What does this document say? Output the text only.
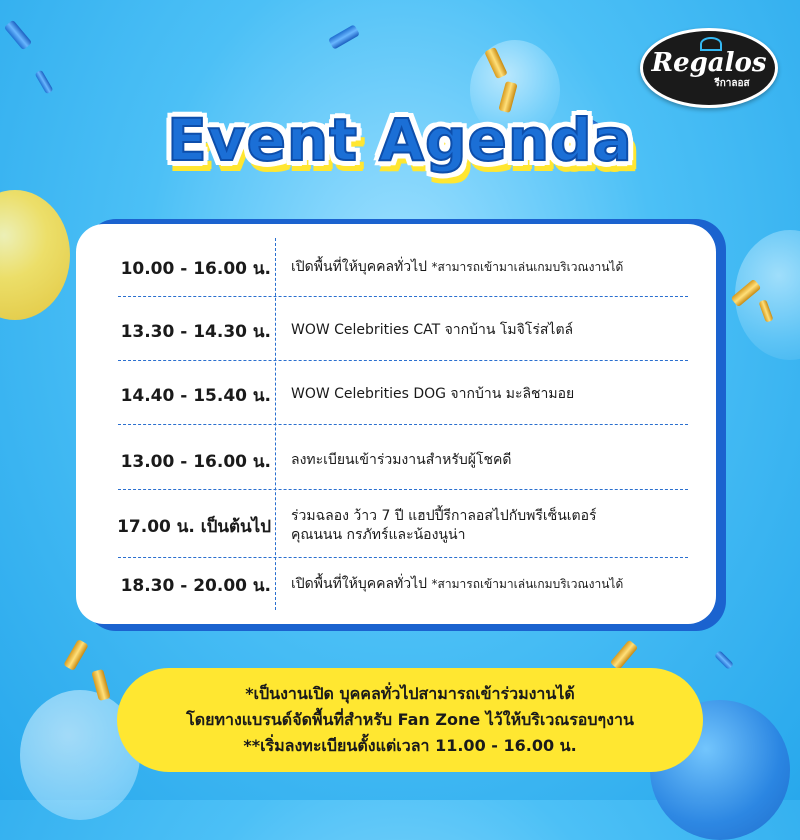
Regalos
รีกาลอส
Event Agenda
10.00 - 16.00 น. เปิดพื้นที่ให้บุคคลทั่วไป *สามารถเข้ามาเล่นเกมบริเวณงานได้
13.30 - 14.30 น. WOW Celebrities CAT จากบ้าน โมจิโร่สไตล์
14.40 - 15.40 น. WOW Celebrities DOG จากบ้าน มะลิชามอย
13.00 - 16.00 น. ลงทะเบียนเข้าร่วมงานสำหรับผู้โชคดี
17.00 น. เป็นต้นไป
ร่วมฉลอง ว้าว 7 ปี แฮปปี้รีกาลอสไปกับพรีเซ็นเตอร์
คุณนนน กรภัทร์และน้องนูน่า
18.30 - 20.00 น. เปิดพื้นที่ให้บุคคลทั่วไป *สามารถเข้ามาเล่นเกมบริเวณงานได้
*เป็นงานเปิด บุคคลทั่วไปสามารถเข้าร่วมงานได้
โดยทางแบรนด์จัดพื้นที่สำหรับ Fan Zone ไว้ให้บริเวณรอบๆงาน
**เริ่มลงทะเบียนตั้งแต่เวลา 11.00 - 16.00 น.
